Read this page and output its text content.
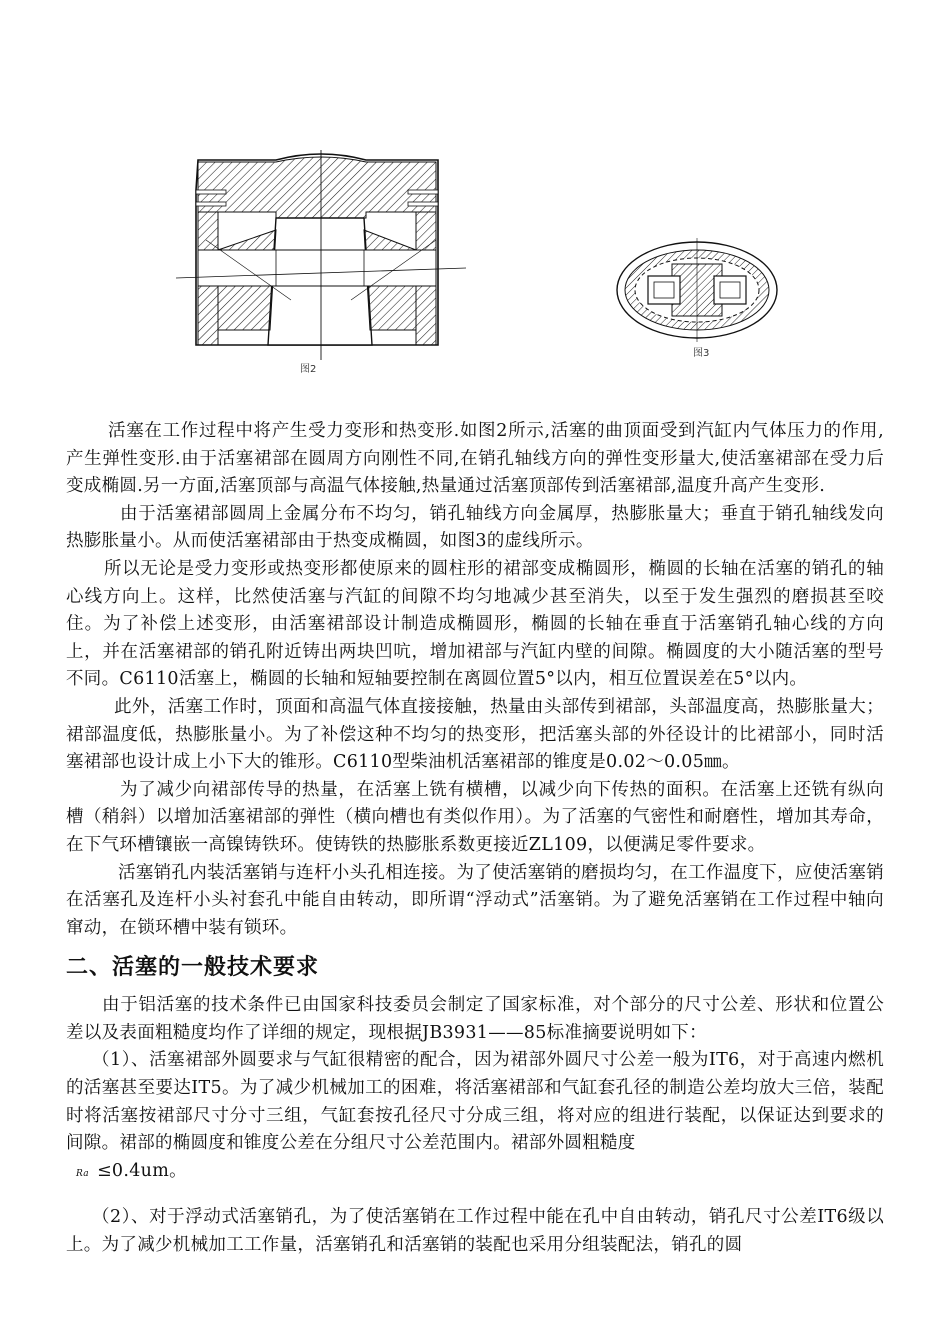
图2
图3

活塞在工作过程中将产生受力变形和热变形.如图2所示,活塞的曲顶面受到汽缸内气体压力的作用,产生弹性变形.由于活塞裙部在圆周方向刚性不同,在销孔轴线方向的弹性变形量大,使活塞裙部在受力后变成椭圆.另一方面,活塞顶部与高温气体接触,热量通过活塞顶部传到活塞裙部,温度升高产生变形.

由于活塞裙部圆周上金属分布不均匀，销孔轴线方向金属厚，热膨胀量大；垂直于销孔轴线发向热膨胀量小。从而使活塞裙部由于热变成椭圆，如图3的虚线所示。

所以无论是受力变形或热变形都使原来的圆柱形的裙部变成椭圆形，椭圆的长轴在活塞的销孔的轴心线方向上。这样，比然使活塞与汽缸的间隙不均匀地减少甚至消失，以至于发生强烈的磨损甚至咬住。为了补偿上述变形，由活塞裙部设计制造成椭圆形，椭圆的长轴在垂直于活塞销孔轴心线的方向上，并在活塞裙部的销孔附近铸出两块凹吭，增加裙部与汽缸内壁的间隙。椭圆度的大小随活塞的型号不同。C6110活塞上，椭圆的长轴和短轴要控制在离圆位置5°以内，相互位置误差在5°以内。

此外，活塞工作时，顶面和高温气体直接接触，热量由头部传到裙部，头部温度高，热膨胀量大；裙部温度低，热膨胀量小。为了补偿这种不均匀的热变形，把活塞头部的外径设计的比裙部小，同时活塞裙部也设计成上小下大的锥形。C6110型柴油机活塞裙部的锥度是0.02～0.05㎜。

为了减少向裙部传导的热量，在活塞上铣有横槽，以减少向下传热的面积。在活塞上还铣有纵向槽（稍斜）以增加活塞裙部的弹性（横向槽也有类似作用）。为了活塞的气密性和耐磨性，增加其寿命，在下气环槽镶嵌一高镍铸铁环。使铸铁的热膨胀系数更接近ZL109，以便满足零件要求。

活塞销孔内装活塞销与连杆小头孔相连接。为了使活塞销的磨损均匀，在工作温度下，应使活塞销在活塞孔及连杆小头衬套孔中能自由转动，即所谓“浮动式”活塞销。为了避免活塞销在工作过程中轴向窜动，在锁环槽中装有锁环。

二、活塞的一般技术要求

由于铝活塞的技术条件已由国家科技委员会制定了国家标准，对个部分的尺寸公差、形状和位置公差以及表面粗糙度均作了详细的规定，现根据JB3931——85标准摘要说明如下：

（1）、活塞裙部外圆要求与气缸很精密的配合，因为裙部外圆尺寸公差一般为IT6，对于高速内燃机的活塞甚至要达IT5。为了减少机械加工的困难，将活塞裙部和气缸套孔径的制造公差均放大三倍，装配时将活塞按裙部尺寸分寸三组，气缸套按孔径尺寸分成三组，将对应的组进行装配，以保证达到要求的间隙。裙部的椭圆度和锥度公差在分组尺寸公差范围内。裙部外圆粗糙度
Ra ≤0.4um。

（2）、对于浮动式活塞销孔，为了使活塞销在工作过程中能在孔中自由转动，销孔尺寸公差IT6级以上。为了减少机械加工工作量，活塞销孔和活塞销的装配也采用分组装配法，销孔的圆
